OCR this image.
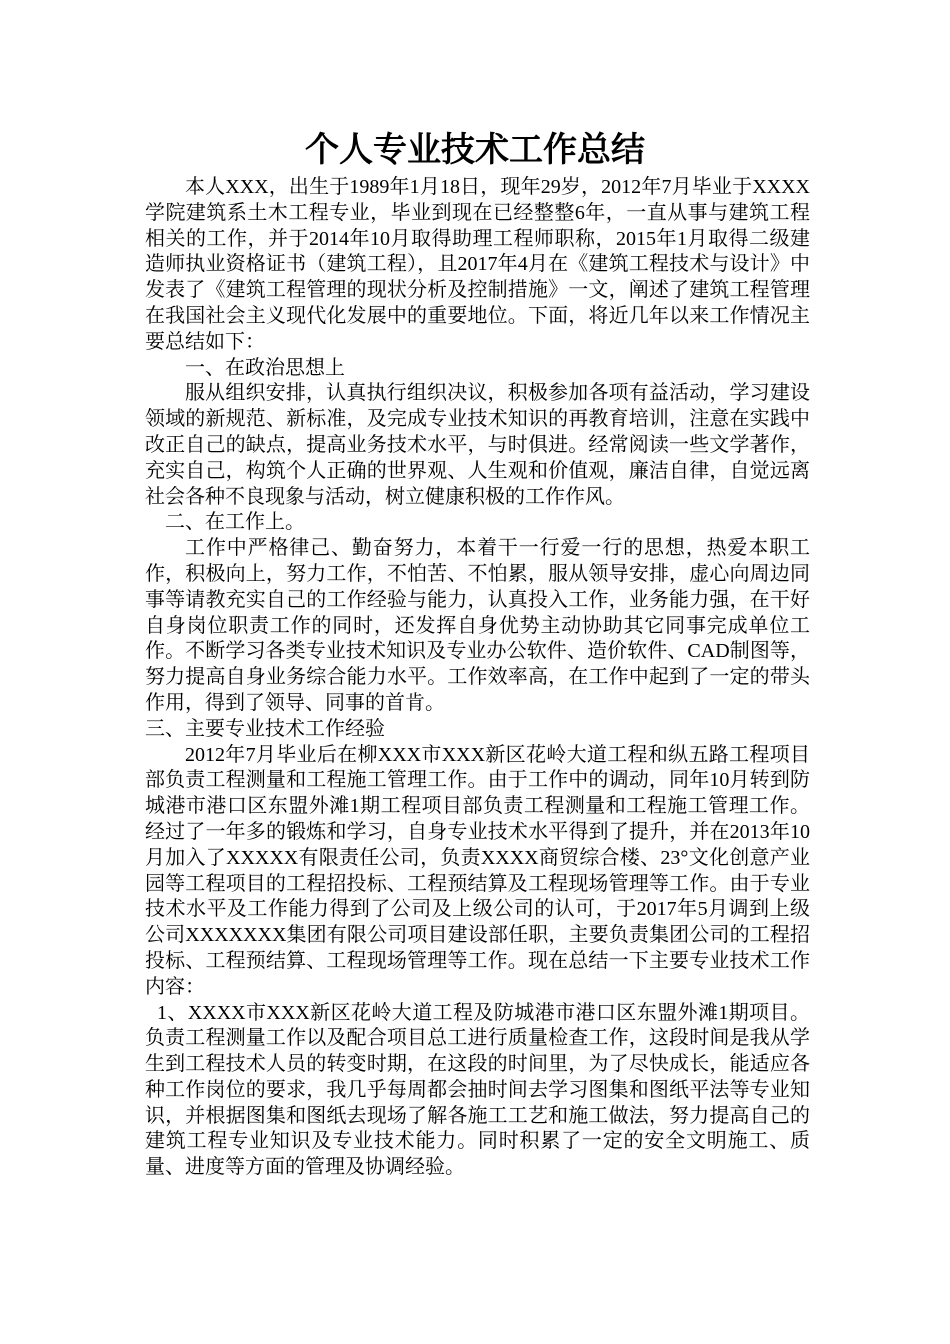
个人专业技术工作总结

本人XXX，出生于1989年1月18日，现年29岁，2012年7月毕业于XXXX学院建筑系土木工程专业，毕业到现在已经整整6年，一直从事与建筑工程相关的工作，并于2014年10月取得助理工程师职称，2015年1月取得二级建造师执业资格证书（建筑工程），且2017年4月在《建筑工程技术与设计》中发表了《建筑工程管理的现状分析及控制措施》一文，阐述了建筑工程管理在我国社会主义现代化发展中的重要地位。下面，将近几年以来工作情况主要总结如下：

一、在政治思想上

服从组织安排，认真执行组织决议，积极参加各项有益活动，学习建设领域的新规范、新标准，及完成专业技术知识的再教育培训，注意在实践中改正自己的缺点，提高业务技术水平，与时俱进。经常阅读一些文学著作，充实自己，构筑个人正确的世界观、人生观和价值观，廉洁自律，自觉远离社会各种不良现象与活动，树立健康积极的工作作风。

二、在工作上。

工作中严格律己、勤奋努力，本着干一行爱一行的思想，热爱本职工作，积极向上，努力工作，不怕苦、不怕累，服从领导安排，虚心向周边同事等请教充实自己的工作经验与能力，认真投入工作，业务能力强，在干好自身岗位职责工作的同时，还发挥自身优势主动协助其它同事完成单位工作。不断学习各类专业技术知识及专业办公软件、造价软件、CAD制图等，努力提高自身业务综合能力水平。工作效率高，在工作中起到了一定的带头作用，得到了领导、同事的首肯。

三、主要专业技术工作经验

2012年7月毕业后在柳XXX市XXX新区花岭大道工程和纵五路工程项目部负责工程测量和工程施工管理工作。由于工作中的调动，同年10月转到防城港市港口区东盟外滩1期工程项目部负责工程测量和工程施工管理工作。经过了一年多的锻炼和学习，自身专业技术水平得到了提升，并在2013年10月加入了XXXXX有限责任公司，负责XXXX商贸综合楼、23°文化创意产业园等工程项目的工程招投标、工程预结算及工程现场管理等工作。由于专业技术水平及工作能力得到了公司及上级公司的认可，于2017年5月调到上级公司XXXXXXX集团有限公司项目建设部任职，主要负责集团公司的工程招投标、工程预结算、工程现场管理等工作。现在总结一下主要专业技术工作内容：

1、XXXX市XXX新区花岭大道工程及防城港市港口区东盟外滩1期项目。负责工程测量工作以及配合项目总工进行质量检查工作，这段时间是我从学生到工程技术人员的转变时期，在这段的时间里，为了尽快成长，能适应各种工作岗位的要求，我几乎每周都会抽时间去学习图集和图纸平法等专业知识，并根据图集和图纸去现场了解各施工工艺和施工做法，努力提高自己的建筑工程专业知识及专业技术能力。同时积累了一定的安全文明施工、质量、进度等方面的管理及协调经验。
